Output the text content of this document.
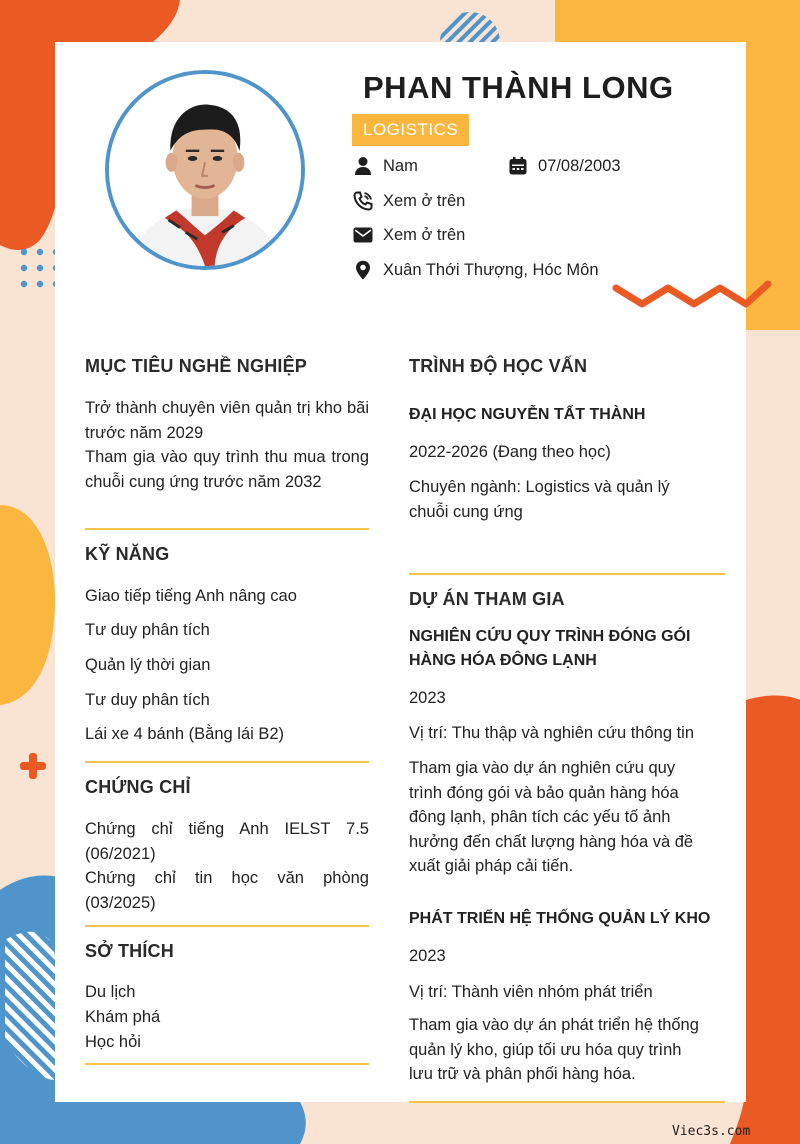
PHAN THÀNH LONG
LOGISTICS
Nam	07/08/2003
Xem ở trên
Xem ở trên
Xuân Thới Thượng, Hóc Môn
MỤC TIÊU NGHỀ NGHIỆP
Trở thành chuyên viên quản trị kho bãi trước năm 2029
Tham gia vào quy trình thu mua trong chuỗi cung ứng trước năm 2032
KỸ NĂNG
Giao tiếp tiếng Anh nâng cao
Tư duy phân tích
Quản lý thời gian
Tư duy phân tích
Lái xe 4 bánh (Bằng lái B2)
CHỨNG CHỈ
Chứng chỉ tiếng Anh IELST 7.5 (06/2021)
Chứng chỉ tin học văn phòng (03/2025)
SỞ THÍCH
Du lịch
Khám phá
Học hỏi
TRÌNH ĐỘ HỌC VẤN
ĐẠI HỌC NGUYỄN TẤT THÀNH
2022-2026 (Đang theo học)
Chuyên ngành: Logistics và quản lý chuỗi cung ứng
DỰ ÁN THAM GIA
NGHIÊN CỨU QUY TRÌNH ĐÓNG GÓI HÀNG HÓA ĐÔNG LẠNH
2023
Vị trí: Thu thập và nghiên cứu thông tin
Tham gia vào dự án nghiên cứu quy trình đóng gói và bảo quản hàng hóa đông lạnh, phân tích các yếu tố ảnh hưởng đến chất lượng hàng hóa và đề xuất giải pháp cải tiến.
PHÁT TRIỂN HỆ THỐNG QUẢN LÝ KHO
2023
Vị trí: Thành viên nhóm phát triển
Tham gia vào dự án phát triển hệ thống quản lý kho, giúp tối ưu hóa quy trình lưu trữ và phân phối hàng hóa.
Viec3s.com
